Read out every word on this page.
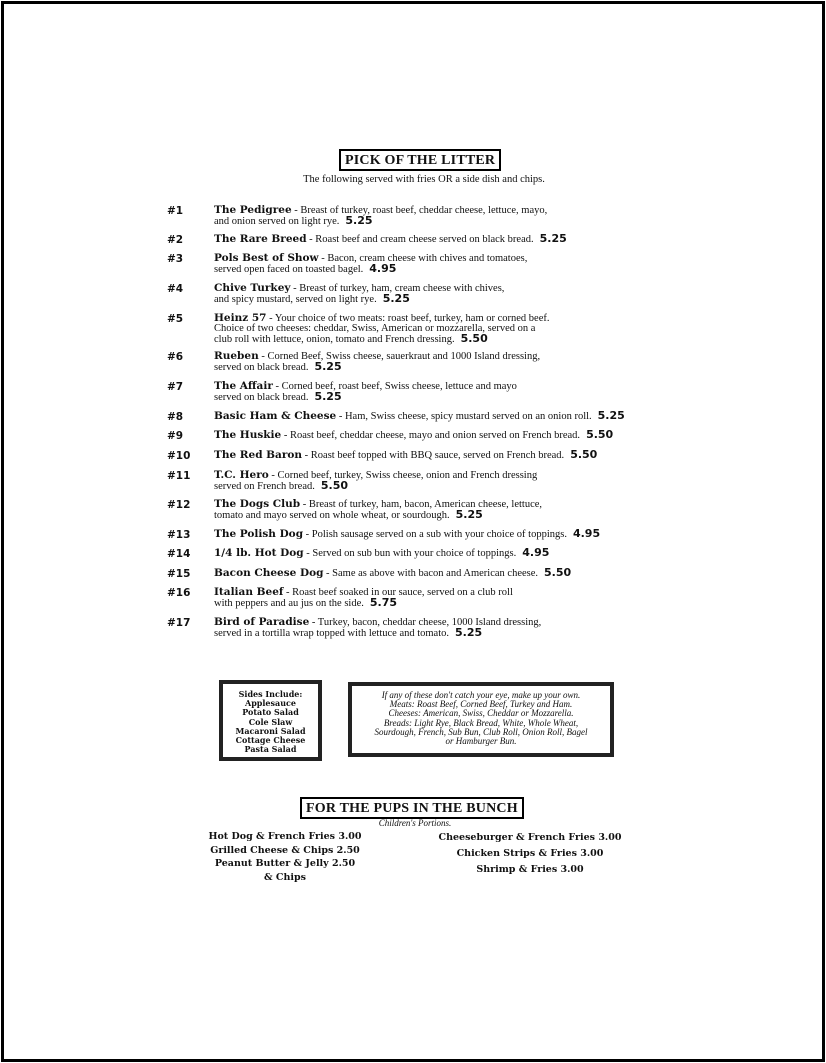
PICK OF THE LITTER
The following served with fries OR a side dish and chips.
#1	The Pedigree - Breast of turkey, roast beef, cheddar cheese, lettuce, mayo,
and onion served on light rye. 5.25
#2	The Rare Breed - Roast beef and cream cheese served on black bread. 5.25
#3	Pols Best of Show - Bacon, cream cheese with chives and tomatoes,
served open faced on toasted bagel. 4.95
#4	Chive Turkey - Breast of turkey, ham, cream cheese with chives,
and spicy mustard, served on light rye. 5.25
#5	Heinz 57 - Your choice of two meats: roast beef, turkey, ham or corned beef.
Choice of two cheeses: cheddar, Swiss, American or mozzarella, served on a
club roll with lettuce, onion, tomato and French dressing. 5.50
#6	Rueben - Corned Beef, Swiss cheese, sauerkraut and 1000 Island dressing,
served on black bread. 5.25
#7	The Affair - Corned beef, roast beef, Swiss cheese, lettuce and mayo
served on black bread. 5.25
#8	Basic Ham & Cheese - Ham, Swiss cheese, spicy mustard served on an onion roll. 5.25
#9	The Huskie - Roast beef, cheddar cheese, mayo and onion served on French bread. 5.50
#10 The Red Baron - Roast beef topped with BBQ sauce, served on French bread. 5.50
#11 T.C. Hero - Corned beef, turkey, Swiss cheese, onion and French dressing
served on French bread. 5.50
#12 The Dogs Club - Breast of turkey, ham, bacon, American cheese, lettuce,
tomato and mayo served on whole wheat, or sourdough. 5.25
#13 The Polish Dog - Polish sausage served on a sub with your choice of toppings. 4.95
#14 1/4 lb. Hot Dog - Served on sub bun with your choice of toppings. 4.95
#15 Bacon Cheese Dog - Same as above with bacon and American cheese. 5.50
#16 Italian Beef - Roast beef soaked in our sauce, served on a club roll
with peppers and au jus on the side. 5.75
#17 Bird of Paradise - Turkey, bacon, cheddar cheese, 1000 Island dressing,
served in a tortilla wrap topped with lettuce and tomato. 5.25
Sides Include:
Applesauce
Potato Salad
Cole Slaw
Macaroni Salad
Cottage Cheese
Pasta Salad
If any of these don't catch your eye, make up your own.
Meats: Roast Beef, Corned Beef, Turkey and Ham.
Cheeses: American, Swiss, Cheddar or Mozzarella.
Breads: Light Rye, Black Bread, White, Whole Wheat,
Sourdough, French, Sub Bun, Club Roll, Onion Roll, Bagel
or Hamburger Bun.
FOR THE PUPS IN THE BUNCH
Children's Portions.
Hot Dog & French Fries 3.00
Grilled Cheese & Chips 2.50
Peanut Butter & Jelly 2.50
& Chips
Cheeseburger & French Fries 3.00
Chicken Strips & Fries 3.00
Shrimp & Fries 3.00
